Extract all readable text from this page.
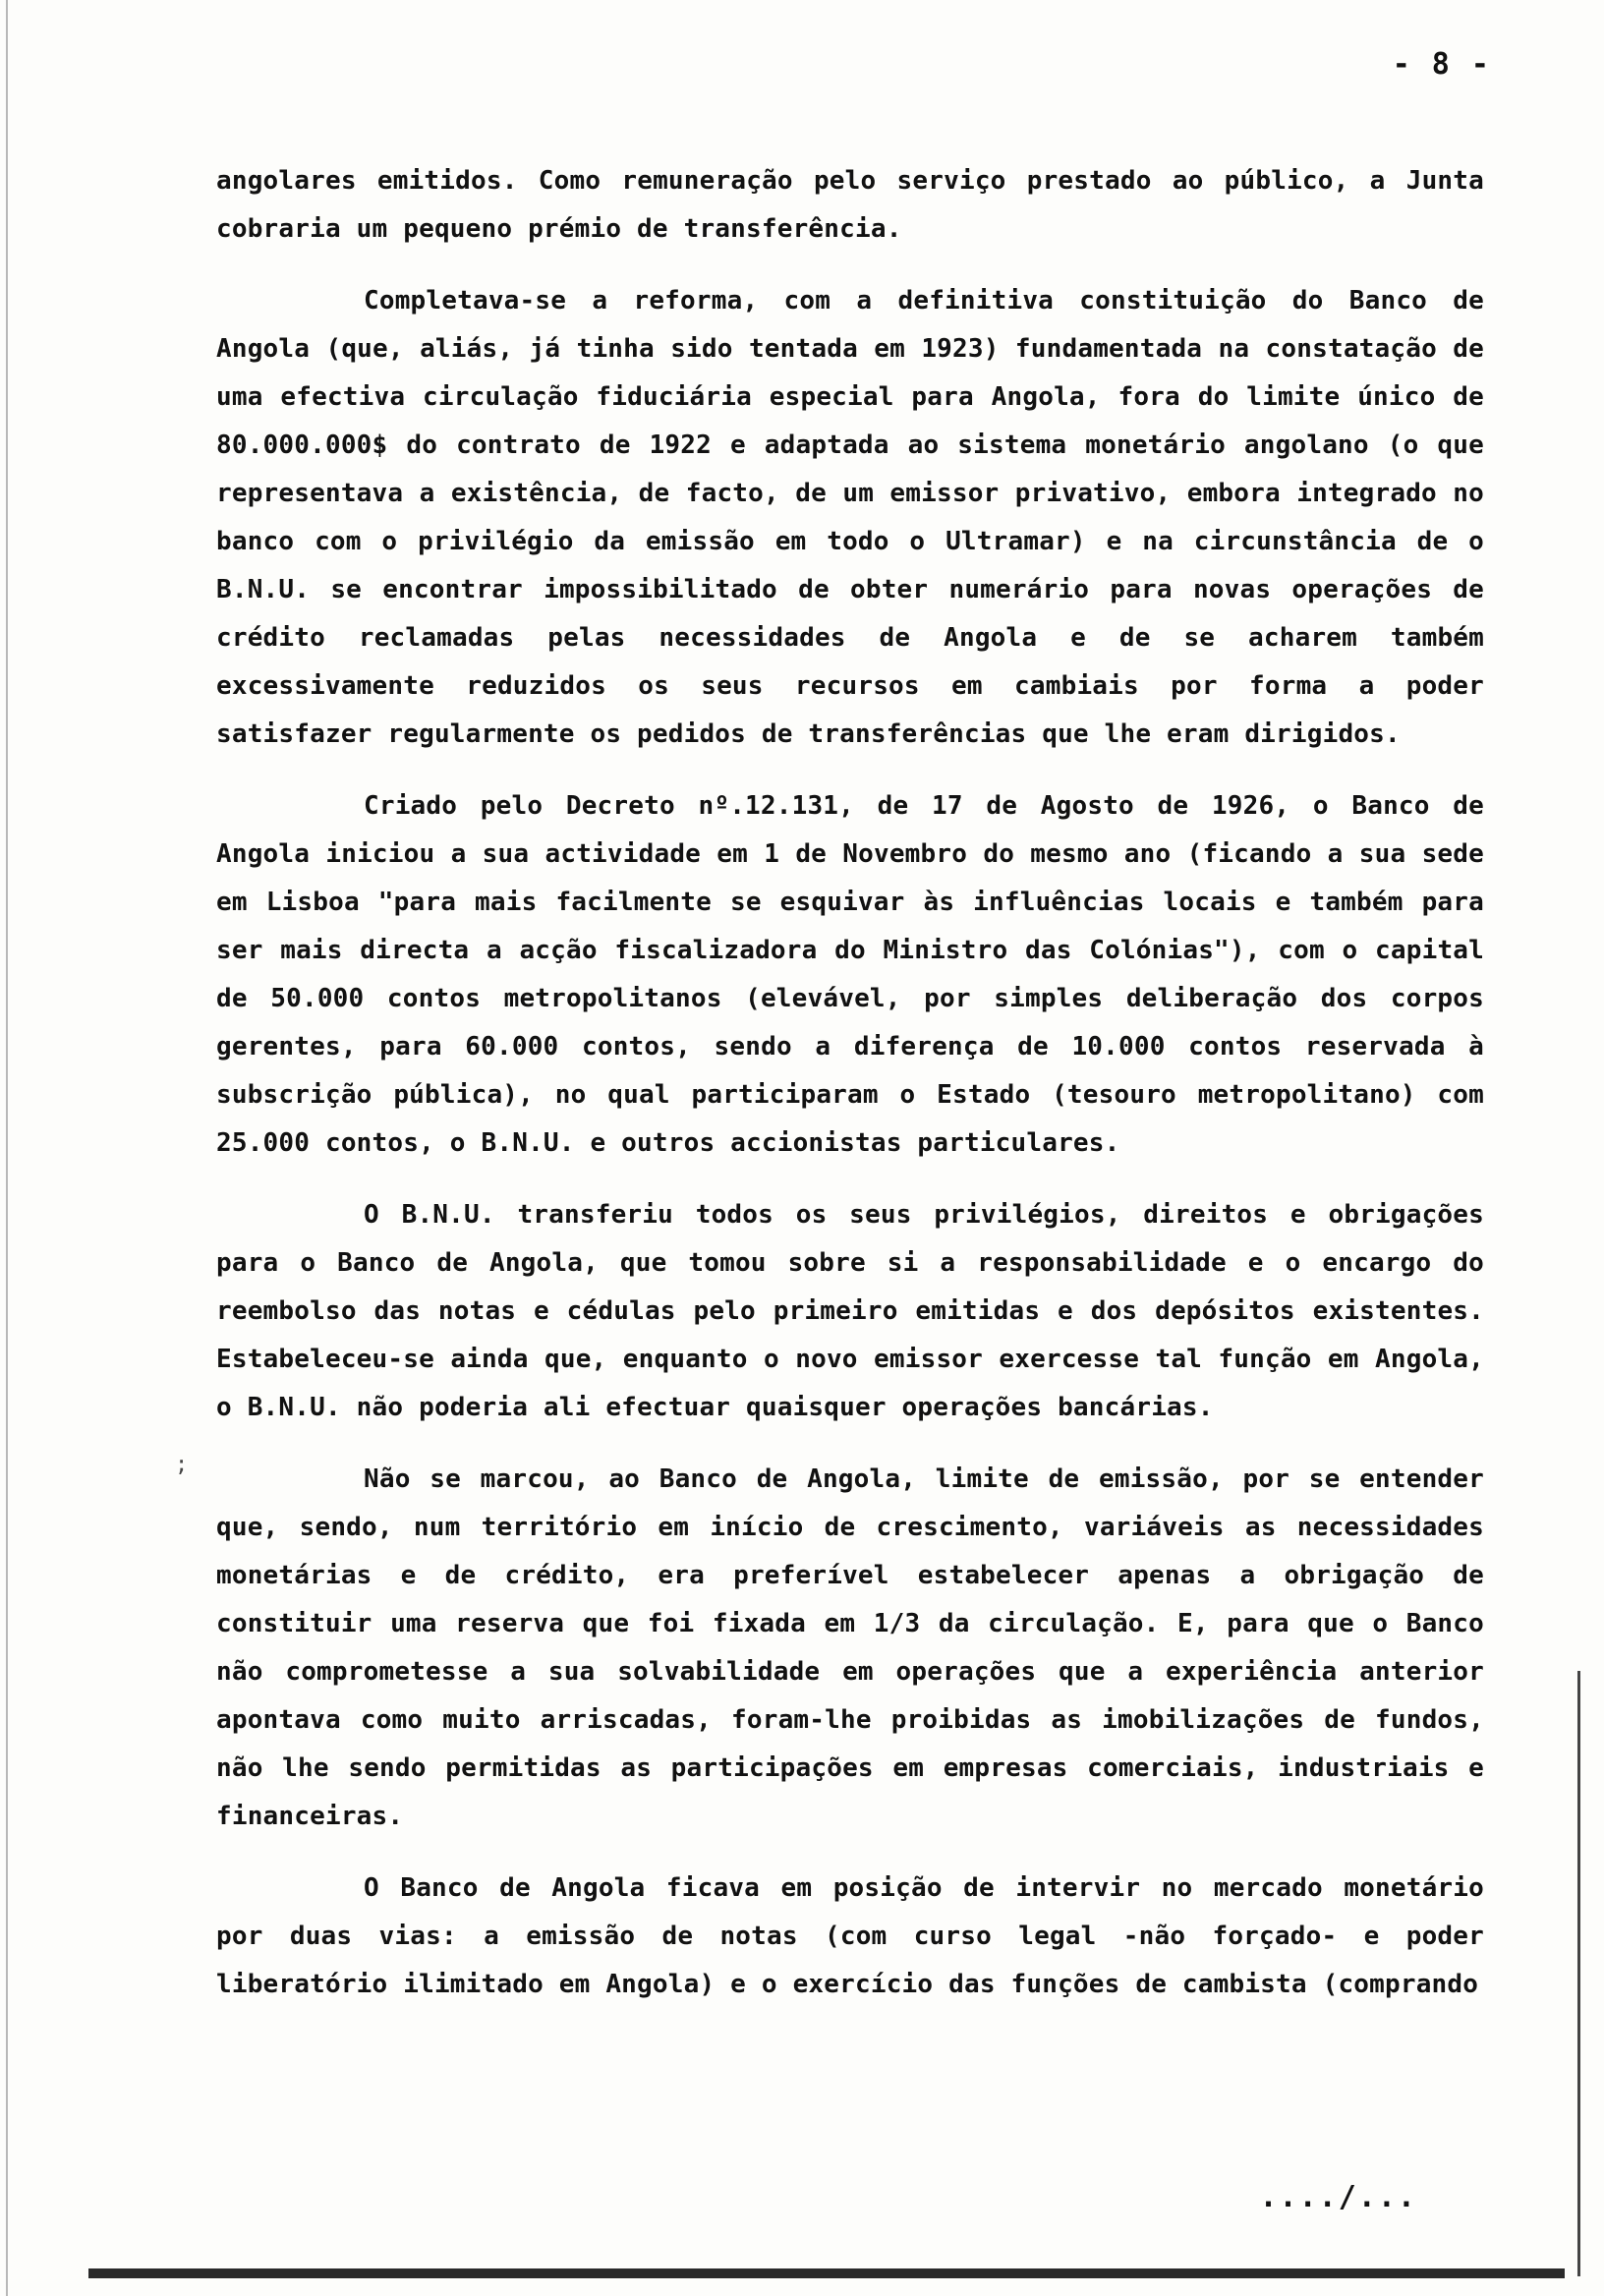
;
- 8 -

angolares emitidos. Como remuneração pelo serviço prestado ao público, a Junta cobraria um pequeno prémio de transferência.

Completava-se a reforma, com a definitiva constituição do Banco de Angola (que, aliás, já tinha sido tentada em 1923) fundamentada na constatação de uma efectiva circulação fiduciária especial para Angola, fora do limite único de 80.000.000$ do contrato de 1922 e adaptada ao sistema monetário angolano (o que representava a existência, de facto, de um emissor privativo, embora integrado no banco com o privilégio da emissão em todo o Ultramar) e na circunstância de o B.N.U. se encontrar impossibilitado de obter numerário para novas operações de crédito reclamadas pelas necessidades de Angola e de se acharem também excessivamente reduzidos os seus recursos em cambiais por forma a poder satisfazer regularmente os pedidos de transferências que lhe eram dirigidos.

Criado pelo Decreto nº.12.131, de 17 de Agosto de 1926, o Banco de Angola iniciou a sua actividade em 1 de Novembro do mesmo ano (ficando a sua sede em Lisboa "para mais facilmente se esquivar às influências locais e também para ser mais directa a acção fiscalizadora do Ministro das Colónias"), com o capital de 50.000 contos metropolitanos (elevável, por simples deliberação dos corpos gerentes, para 60.000 contos, sendo a diferença de 10.000 contos reservada à subscrição pública), no qual participaram o Estado (tesouro metropolitano) com 25.000 contos, o B.N.U. e outros accionistas particulares.

O B.N.U. transferiu todos os seus privilégios, direitos e obrigações para o Banco de Angola, que tomou sobre si a responsabilidade e o encargo do reembolso das notas e cédulas pelo primeiro emitidas e dos depósitos existentes. Estabeleceu-se ainda que, enquanto o novo emissor exercesse tal função em Angola, o B.N.U. não poderia ali efectuar quaisquer operações bancárias.

Não se marcou, ao Banco de Angola, limite de emissão, por se entender que, sendo, num território em início de crescimento, variáveis as necessidades monetárias e de crédito, era preferível estabelecer apenas a obrigação de constituir uma reserva que foi fixada em 1/3 da circulação. E, para que o Banco não comprometesse a sua solvabilidade em operações que a experiência anterior apontava como muito arriscadas, foram-lhe proibidas as imobilizações de fundos, não lhe sendo permitidas as participações em empresas comerciais, industriais e financeiras.

O Banco de Angola ficava em posição de intervir no mercado monetário por duas vias: a emissão de notas (com curso legal -não forçado- e poder liberatório ilimitado em Angola) e o exercício das funções de cambista (comprando

..../...
